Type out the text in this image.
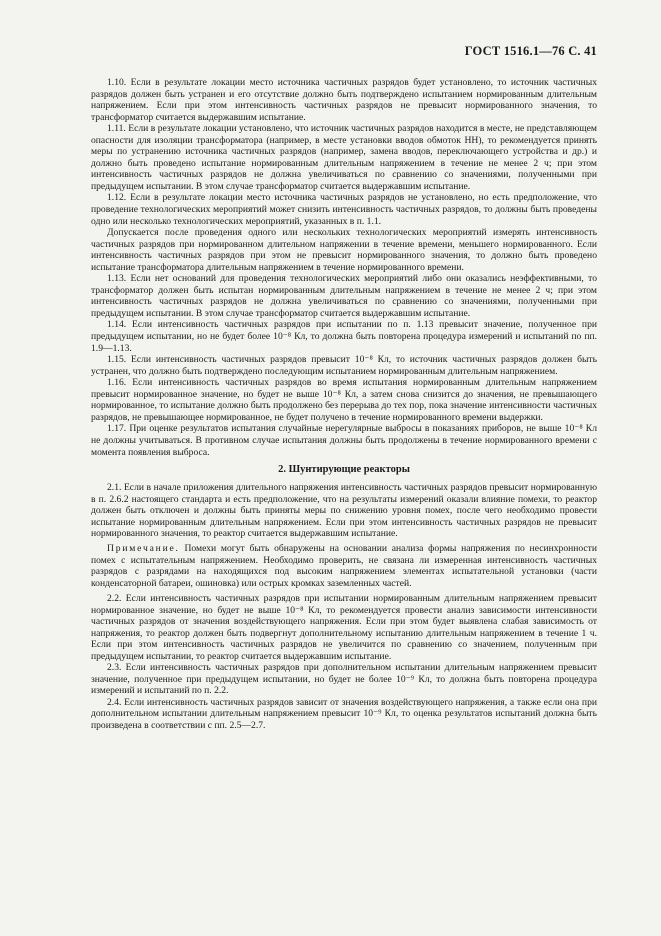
ГОСТ 1516.1—76 С. 41

1.10. Если в результате локации место источника частичных разрядов будет установлено, то источник частичных разрядов должен быть устранен и его отсутствие должно быть подтверждено испытанием нормированным длительным напряжением. Если при этом интенсивность частичных разрядов не превысит нормированного значения, то трансформатор считается выдержавшим испытание.

1.11. Если в результате локации установлено, что источник частичных разрядов находится в месте, не представляющем опасности для изоляции трансформатора (например, в месте установки вводов обмоток НН), то рекомендуется принять меры по устранению источника частичных разрядов (например, замена вводов, переключающего устройства и др.) и должно быть проведено испытание нормированным длительным напряжением в течение не менее 2 ч; при этом интенсивность частичных разрядов не должна увеличиваться по сравнению со значениями, полученными при предыдущем испытании. В этом случае трансформатор считается выдержавшим испытание.

1.12. Если в результате локации место источника частичных разрядов не установлено, но есть предположение, что проведение технологических мероприятий может снизить интенсивность частичных разрядов, то должны быть проведены одно или несколько технологических мероприятий, указанных в п. 1.1.

Допускается после проведения одного или нескольких технологических мероприятий измерять интенсивность частичных разрядов при нормированном длительном напряжении в течение времени, меньшего нормированного. Если интенсивность частичных разрядов при этом не превысит нормированного значения, то должно быть проведено испытание трансформатора длительным напряжением в течение нормированного времени.

1.13. Если нет оснований для проведения технологических мероприятий либо они оказались неэффективными, то трансформатор должен быть испытан нормированным длительным напряжением в течение не менее 2 ч; при этом интенсивность частичных разрядов не должна увеличиваться по сравнению со значениями, полученными при предыдущем испытании. В этом случае трансформатор считается выдержавшим испытание.

1.14. Если интенсивность частичных разрядов при испытании по п. 1.13 превысит значение, полученное при предыдущем испытании, но не будет более 10⁻⁸ Кл, то должна быть повторена процедура измерений и испытаний по пп. 1.9—1.13.

1.15. Если интенсивность частичных разрядов превысит 10⁻⁸ Кл, то источник частичных разрядов должен быть устранен, что должно быть подтверждено последующим испытанием нормированным длительным напряжением.

1.16. Если интенсивность частичных разрядов во время испытания нормированным длительным напряжением превысит нормированное значение, но будет не выше 10⁻⁸ Кл, а затем снова снизится до значения, не превышающего нормированное, то испытание должно быть продолжено без перерыва до тех пор, пока значение интенсивности частичных разрядов, не превышающее нормированное, не будет получено в течение нормированного времени выдержки.

1.17. При оценке результатов испытания случайные нерегулярные выбросы в показаниях приборов, не выше 10⁻⁸ Кл не должны учитываться. В противном случае испытания должны быть продолжены в течение нормированного времени с момента появления выброса.

2. Шунтирующие реакторы

2.1. Если в начале приложения длительного напряжения интенсивность частичных разрядов превысит нормированную в п. 2.6.2 настоящего стандарта и есть предположение, что на результаты измерений оказали влияние помехи, то реактор должен быть отключен и должны быть приняты меры по снижению уровня помех, после чего необходимо провести испытание нормированным длительным напряжением. Если при этом интенсивность частичных разрядов не превысит нормированного значения, то реактор считается выдержавшим испытание.

Примечание. Помехи могут быть обнаружены на основании анализа формы напряжения по несинхронности помех с испытательным напряжением. Необходимо проверить, не связана ли измеренная интенсивность частичных разрядов с разрядами на находящихся под высоким напряжением элементах испытательной установки (части конденсаторной батареи, ошиновка) или острых кромках заземленных частей.

2.2. Если интенсивность частичных разрядов при испытании нормированным длительным напряжением превысит нормированное значение, но будет не выше 10⁻⁸ Кл, то рекомендуется провести анализ зависимости интенсивности частичных разрядов от значения воздействующего напряжения. Если при этом будет выявлена слабая зависимость от напряжения, то реактор должен быть подвергнут дополнительному испытанию длительным напряжением в течение 1 ч. Если при этом интенсивность частичных разрядов не увеличится по сравнению со значением, полученным при предыдущем испытании, то реактор считается выдержавшим испытание.

2.3. Если интенсивность частичных разрядов при дополнительном испытании длительным напряжением превысит значение, полученное при предыдущем испытании, но будет не более 10⁻⁹ Кл, то должна быть повторена процедура измерений и испытаний по п. 2.2.

2.4. Если интенсивность частичных разрядов зависит от значения воздействующего напряжения, а также если она при дополнительном испытании длительным напряжением превысит 10⁻⁹ Кл, то оценка результатов испытаний должна быть произведена в соответствии с пп. 2.5—2.7.
